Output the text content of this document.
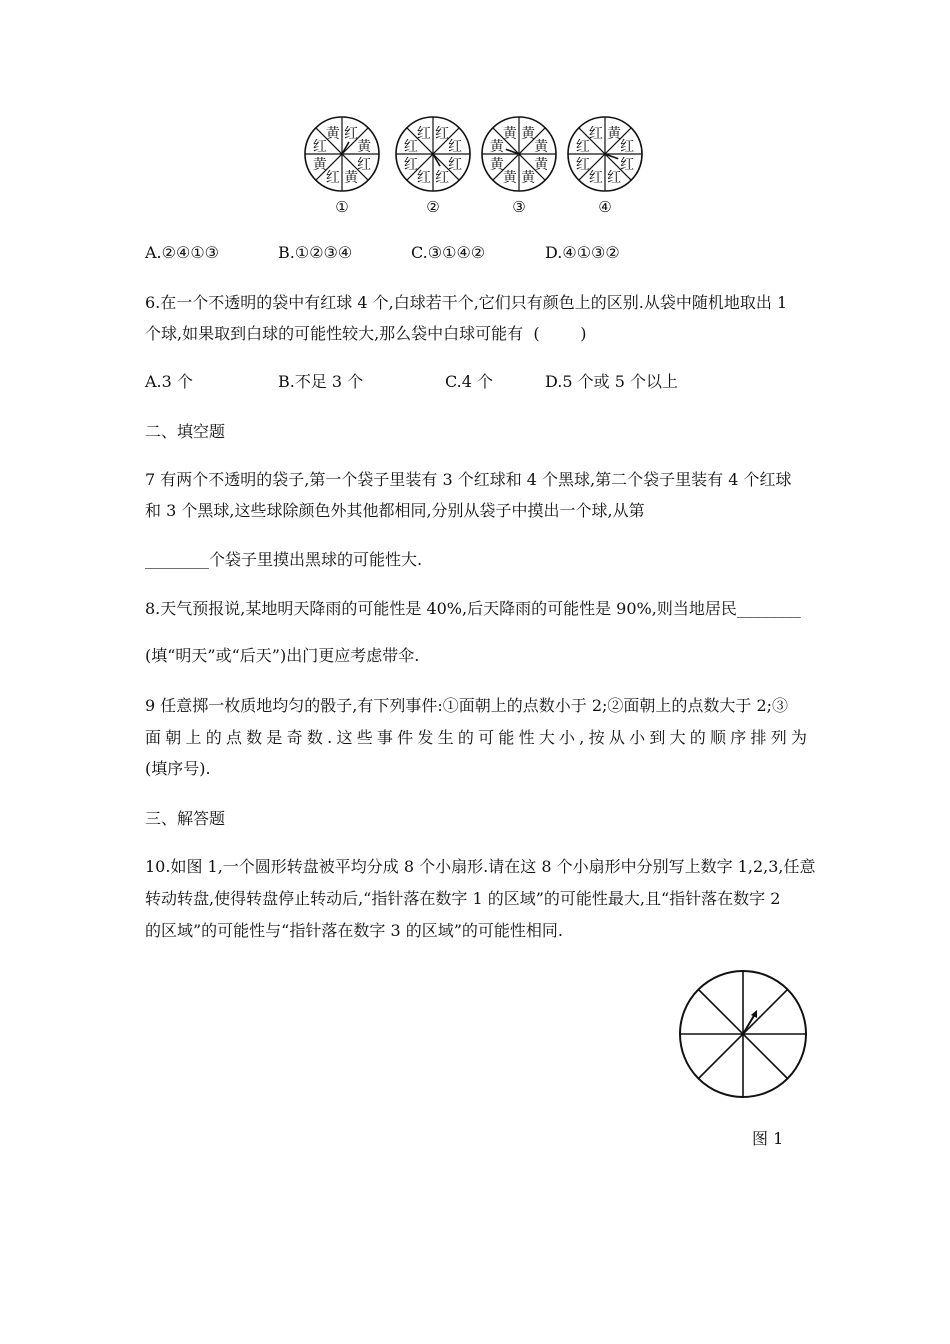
红
黄
红
黄
红
黄
红
黄	红
红
红
红
红
红
红
红	黄
黄
黄
黄
黄
黄
黄
黄	黄
红
红
红
红
红
红
红
①	②	③	④
A.②④①③	B.①②③④	C.③①④②	D.④①③②
6.在一个不透明的袋中有红球 4 个,白球若干个,它们只有颜色上的区别.从袋中随机地取出 1
个球,如果取到白球的可能性较大,那么袋中白球可能有  (        )
A.3 个	B.不足 3 个	C.4 个	D.5 个或 5 个以上
二、填空题
7 有两个不透明的袋子,第一个袋子里装有 3 个红球和 4 个黑球,第二个袋子里装有 4 个红球
和 3 个黑球,这些球除颜色外其他都相同,分别从袋子中摸出一个球,从第
________个袋子里摸出黑球的可能性大.
8.天气预报说,某地明天降雨的可能性是 40%,后天降雨的可能性是 90%,则当地居民________
(填“明天”或“后天”)出门更应考虑带伞.
9 任意掷一枚质地均匀的骰子,有下列事件:①面朝上的点数小于 2;②面朝上的点数大于 2;③
面朝上的点数是奇数.这些事件发生的可能性大小,按从小到大的顺序排列为
(填序号).
三、解答题
10.如图 1,一个圆形转盘被平均分成 8 个小扇形.请在这 8 个小扇形中分别写上数字 1,2,3,任意
转动转盘,使得转盘停止转动后,“指针落在数字 1 的区域”的可能性最大,且“指针落在数字 2
的区域”的可能性与“指针落在数字 3 的区域”的可能性相同.
图 1
